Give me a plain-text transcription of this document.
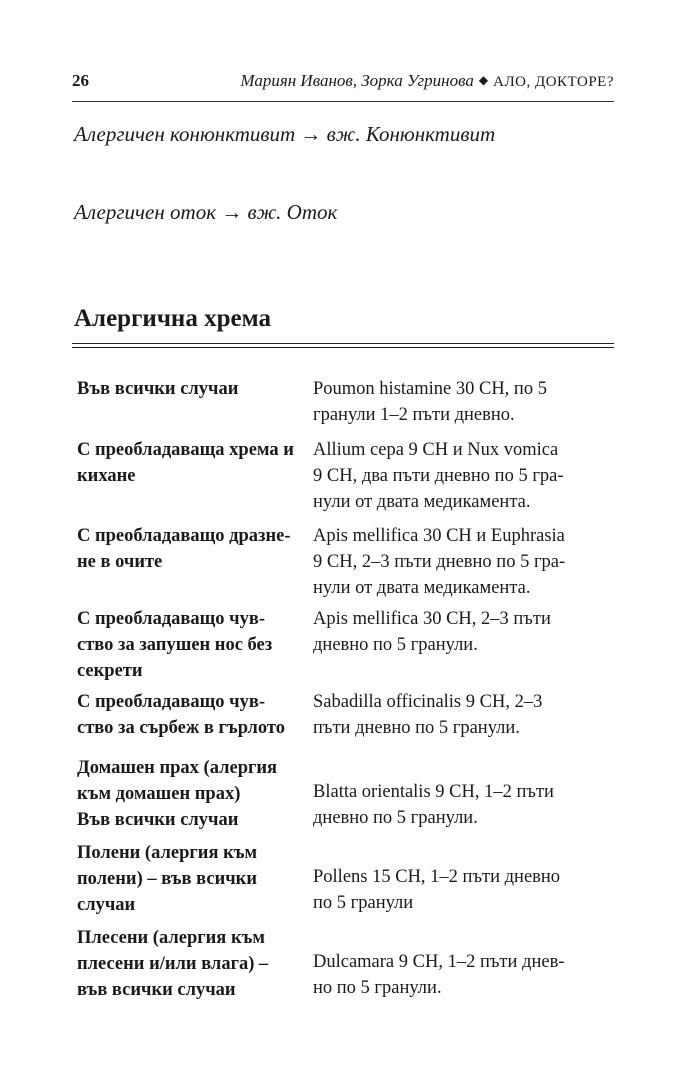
26	Мариян Иванов, Зорка Угринова ◆ АЛО, ДОКТОРЕ?
Алергичен конюнктивит → вж. Конюнктивит
Алергичен оток → вж. Оток
Алергична хрема
Във всички случаи	Poumon histamine 30 CH, по 5
гранули 1–2 пъти дневно.
С преобладаваща хрема и
кихане
Allium cepa 9 CH и Nux vomica
9 CH, два пъти дневно по 5 гра-
нули от двата медикамента.
С преобладаващо дразне-
не в очите
Apis mellifica 30 CH и Euphrasia
9 CH, 2–3 пъти дневно по 5 гра-
нули от двата медикамента.
С преобладаващо чув-
ство за запушен нос без
секрети
Apis mellifica 30 CH, 2–3 пъти
дневно по 5 гранули.
С преобладаващо чув-
ство за сърбеж в гърлото
Sabadilla officinalis 9 CH, 2–3
пъти дневно по 5 гранули.
Домашен прах (алергия
към домашен прах)
Във всички случаи
Blatta orientalis 9 CH, 1–2 пъти
дневно по 5 гранули.
Полени (алергия към
полени) – във всички
случаи
Pollens 15 CH, 1–2 пъти дневно
по 5 гранули
Плесени (алергия към
плесени и/или влага) –
във всички случаи
Dulcamara 9 CH, 1–2 пъти днев-
но по 5 гранули.
